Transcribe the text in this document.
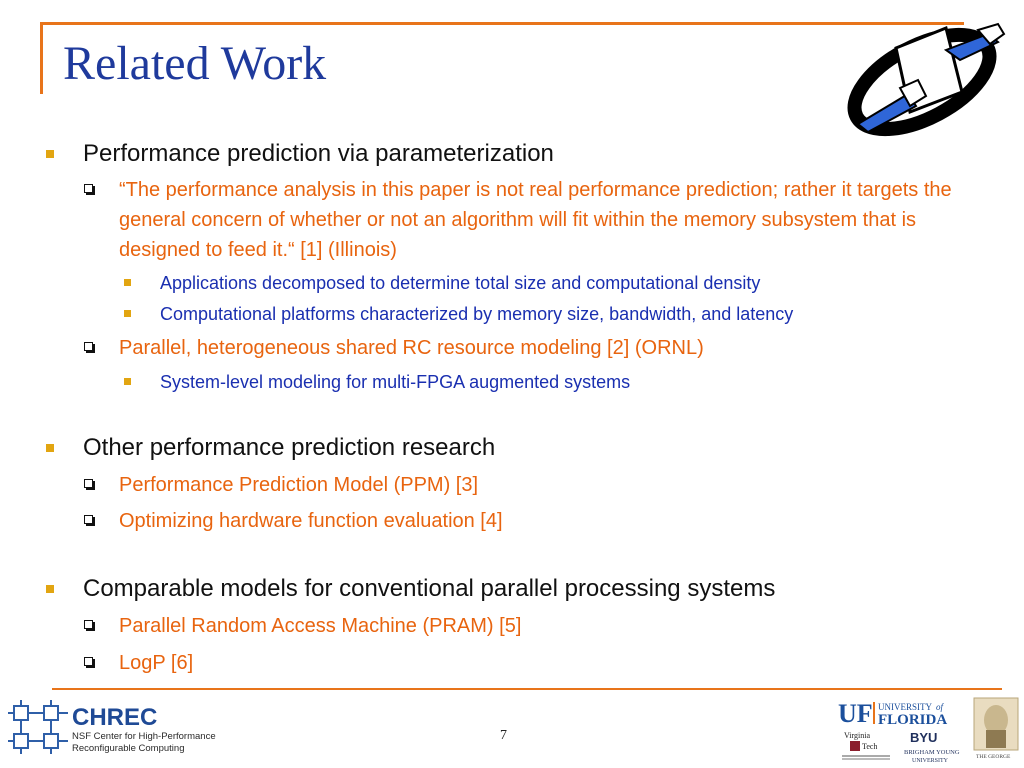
Related Work
Performance prediction via parameterization
“The performance analysis in this paper is not real performance prediction; rather it targets the general concern of whether or not an algorithm will fit within the memory subsystem that is designed to feed it.“ [1] (Illinois)
Applications decomposed to determine total size and computational density
Computational platforms characterized by memory size, bandwidth, and latency
Parallel, heterogeneous shared RC resource modeling [2] (ORNL)
System-level modeling for multi-FPGA augmented systems
Other performance prediction research
Performance Prediction Model (PPM) [3]
Optimizing hardware function evaluation [4]
Comparable models for conventional parallel processing systems
Parallel Random Access Machine (PRAM) [5]
LogP [6]
7
CHREC
NSF Center for High-Performance
Reconfigurable Computing
UF UNIVERSITY of
FLORIDA
Virginia
Tech
BYU
BRIGHAM YOUNG
UNIVERSITY
THE GEORGE
